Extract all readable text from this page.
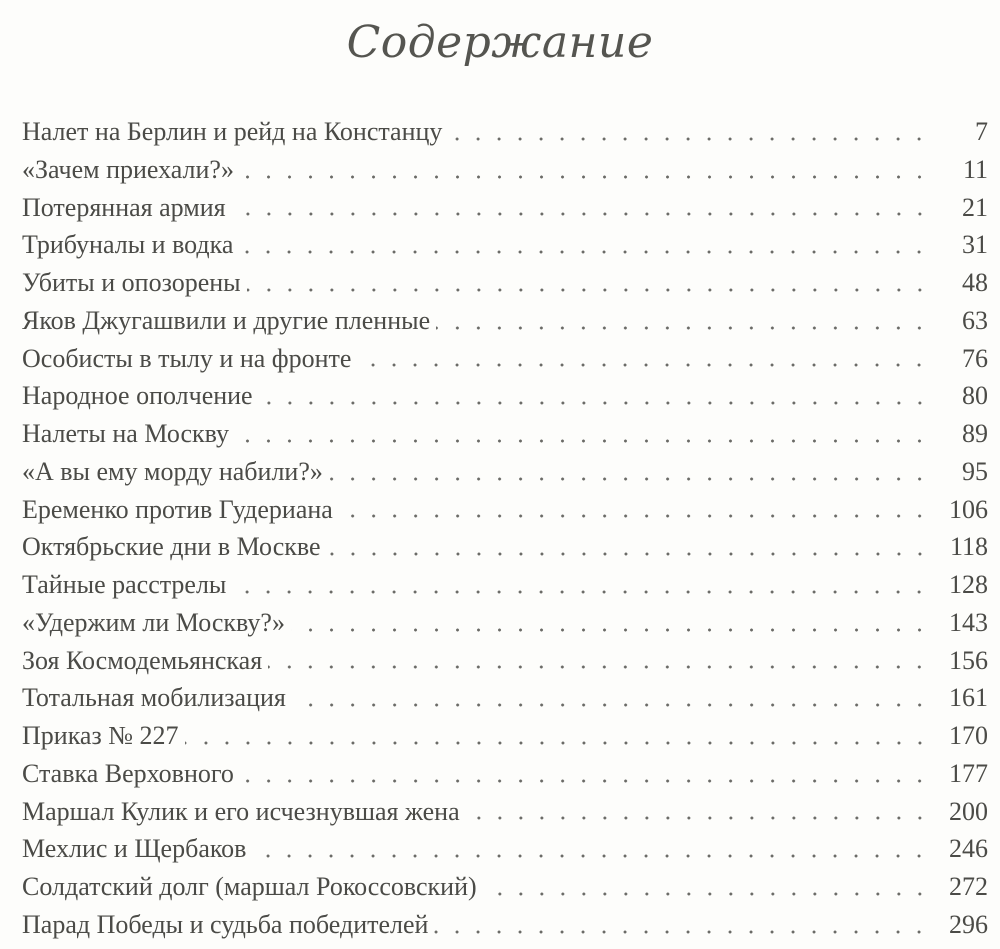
Содержание
Налет на Берлин и рейд на Констанцу	7
«Зачем приехали?»	11
Потерянная армия	21
Трибуналы и водка	31
Убиты и опозорены	48
Яков Джугашвили и другие пленные	63
Особисты в тылу и на фронте	76
Народное ополчение	80
Налеты на Москву	89
«А вы ему морду набили?»	95
Еременко против Гудериана	106
Октябрьские дни в Москве	118
Тайные расстрелы	128
«Удержим ли Москву?»	143
Зоя Космодемьянская	156
Тотальная мобилизация	161
Приказ № 227	170
Ставка Верховного	177
Маршал Кулик и его исчезнувшая жена	200
Мехлис и Щербаков	246
Солдатский долг (маршал Рокоссовский)	272
Парад Победы и судьба победителей	296
